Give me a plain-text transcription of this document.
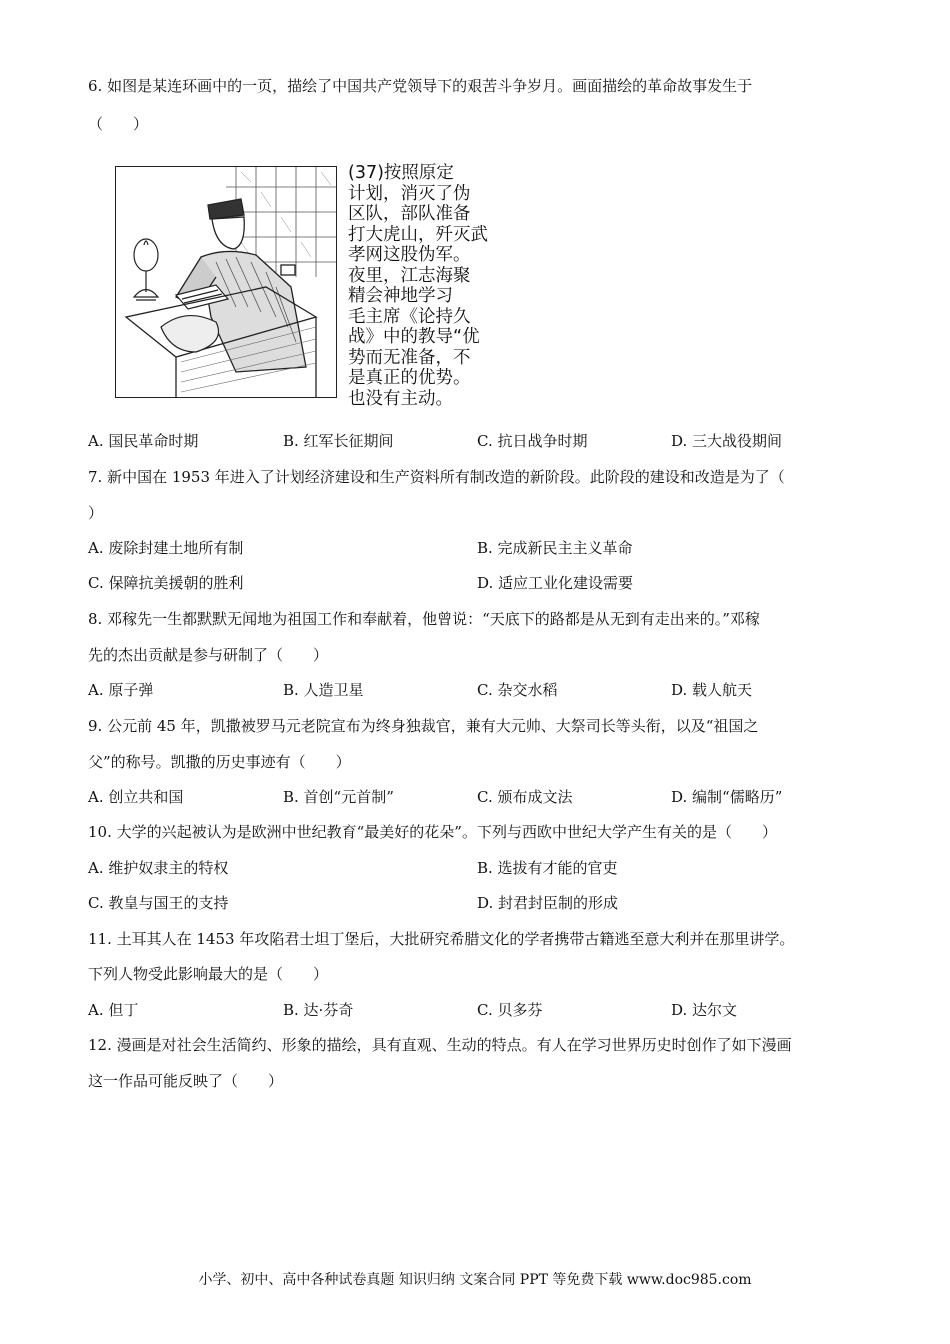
6. 如图是某连环画中的一页，描绘了中国共产党领导下的艰苦斗争岁月。画面描绘的革命故事发生于
（　　）
(37)按照原定
计划，消灭了伪
区队，部队准备
打大虎山，歼灭武
孝网这股伪军。
夜里，江志海聚
精会神地学习
毛主席《论持久
战》中的教导“优
势而无准备，不
是真正的优势。
也没有主动。
A. 国民革命时期	B. 红军长征期间	C. 抗日战争时期	D. 三大战役期间
7. 新中国在 1953 年进入了计划经济建设和生产资料所有制改造的新阶段。此阶段的建设和改造是为了（
）
A. 废除封建土地所有制	B. 完成新民主主义革命
C. 保障抗美援朝的胜利	D. 适应工业化建设需要
8. 邓稼先一生都默默无闻地为祖国工作和奉献着，他曾说：“天底下的路都是从无到有走出来的。”邓稼
先的杰出贡献是参与研制了（　　）
A. 原子弹	B. 人造卫星	C. 杂交水稻	D. 载人航天
9. 公元前 45 年，凯撒被罗马元老院宣布为终身独裁官，兼有大元帅、大祭司长等头衔，以及“祖国之
父”的称号。凯撒的历史事迹有（　　）
A. 创立共和国	B. 首创“元首制”	C. 颁布成文法	D. 编制“儒略历”
10. 大学的兴起被认为是欧洲中世纪教育“最美好的花朵”。下列与西欧中世纪大学产生有关的是（　　）
A. 维护奴隶主的特权	B. 选拔有才能的官吏
C. 教皇与国王的支持	D. 封君封臣制的形成
11. 土耳其人在 1453 年攻陷君士坦丁堡后，大批研究希腊文化的学者携带古籍逃至意大利并在那里讲学。
下列人物受此影响最大的是（　　）
A. 但丁	B. 达·芬奇	C. 贝多芬	D. 达尔文
12. 漫画是对社会生活简约、形象的描绘，具有直观、生动的特点。有人在学习世界历史时创作了如下漫画
这一作品可能反映了（　　）
小学、初中、高中各种试卷真题 知识归纳 文案合同 PPT 等免费下载 www.doc985.com
